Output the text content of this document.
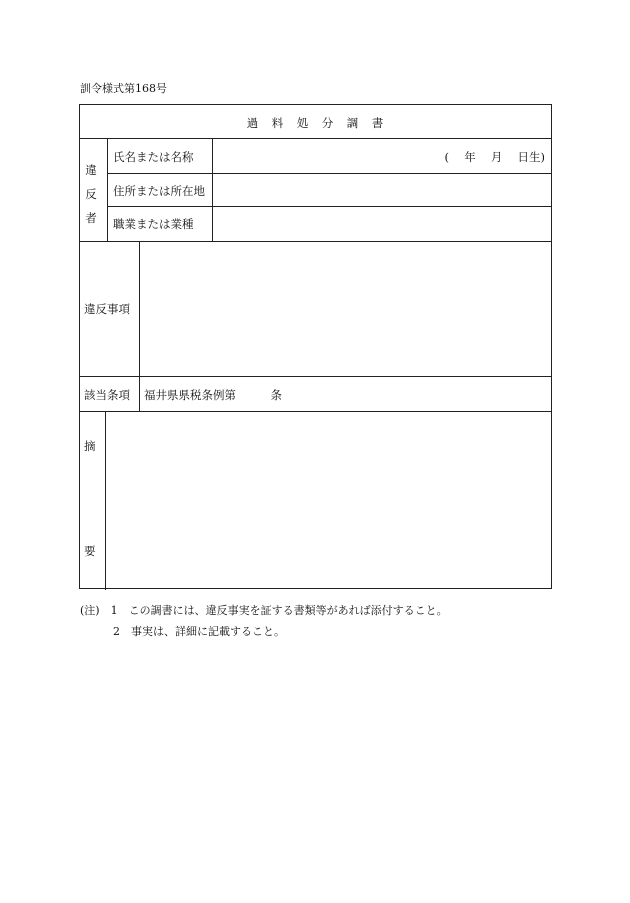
訓令様式第168号
過　料　処　分　調　書
違
反
者
氏名または名称	(　 年　 月　 日生)
住所または所在地
職業または業種
違反事項
該当条項 福井県県税条例第　　　条
摘
要
(注)　1　この調書には、違反事実を証する書類等があれば添付すること。
　　　2　事実は、詳細に記載すること。
